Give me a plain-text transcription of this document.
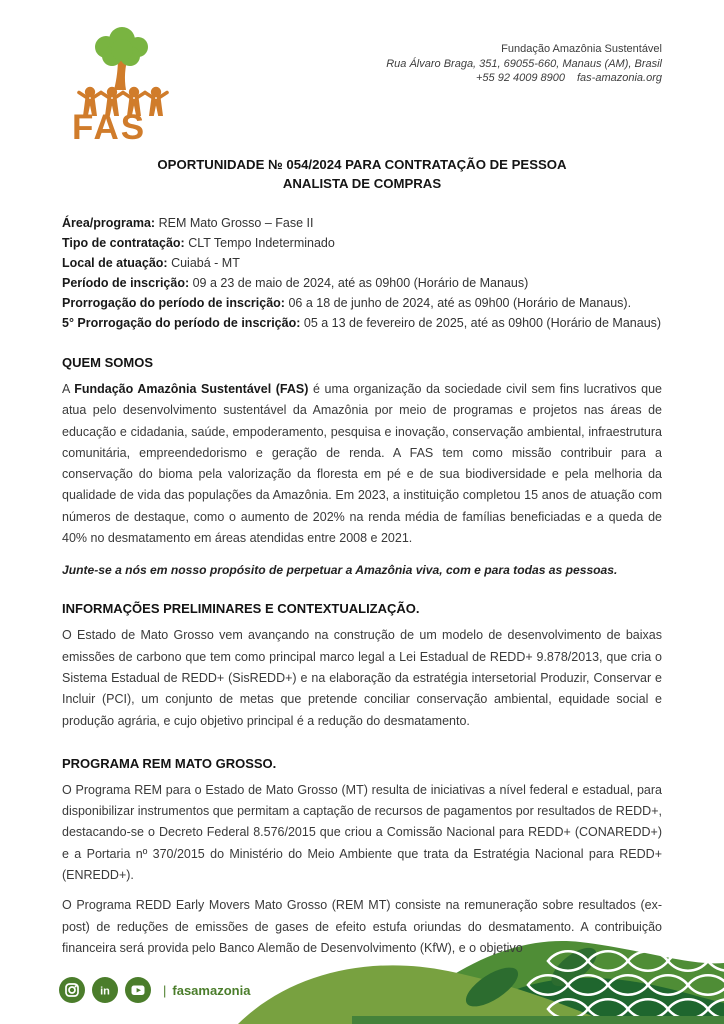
FAS
Fundação Amazônia Sustentável
Rua Álvaro Braga, 351, 69055-660, Manaus (AM), Brasil
+55 92 4009 8900 fas-amazonia.org
OPORTUNIDADE № 054/2024 PARA CONTRATAÇÃO DE PESSOA
ANALISTA DE COMPRAS

Área/programa: REM Mato Grosso – Fase II

Tipo de contratação: CLT Tempo Indeterminado

Local de atuação: Cuiabá - MT

Período de inscrição: 09 a 23 de maio de 2024, até as 09h00 (Horário de Manaus)

Prorrogação do período de inscrição: 06 a 18 de junho de 2024, até as 09h00 (Horário de Manaus).

5° Prorrogação do período de inscrição: 05 a 13 de fevereiro de 2025, até as 09h00 (Horário de Manaus)

QUEM SOMOS

A Fundação Amazônia Sustentável (FAS) é uma organização da sociedade civil sem fins lucrativos que atua pelo desenvolvimento sustentável da Amazônia por meio de programas e projetos nas áreas de educação e cidadania, saúde, empoderamento, pesquisa e inovação, conservação ambiental, infraestrutura comunitária, empreendedorismo e geração de renda. A FAS tem como missão contribuir para a conservação do bioma pela valorização da floresta em pé e de sua biodiversidade e pela melhoria da qualidade de vida das populações da Amazônia. Em 2023, a instituição completou 15 anos de atuação com números de destaque, como o aumento de 202% na renda média de famílias beneficiadas e a queda de 40% no desmatamento em áreas atendidas entre 2008 e 2021.

Junte-se a nós em nosso propósito de perpetuar a Amazônia viva, com e para todas as pessoas.

INFORMAÇÕES PRELIMINARES E CONTEXTUALIZAÇÃO.

O Estado de Mato Grosso vem avançando na construção de um modelo de desenvolvimento de baixas emissões de carbono que tem como principal marco legal a Lei Estadual de REDD+ 9.878/2013, que cria o Sistema Estadual de REDD+ (SisREDD+) e na elaboração da estratégia intersetorial Produzir, Conservar e Incluir (PCI), um conjunto de metas que pretende conciliar conservação ambiental, equidade social e produção agrária, e cujo objetivo principal é a redução do desmatamento.

PROGRAMA REM MATO GROSSO.

O Programa REM para o Estado de Mato Grosso (MT) resulta de iniciativas a nível federal e estadual, para disponibilizar instrumentos que permitam a captação de recursos de pagamentos por resultados de REDD+, destacando-se o Decreto Federal 8.576/2015 que criou a Comissão Nacional para REDD+ (CONAREDD+) e a Portaria nº 370/2015 do Ministério do Meio Ambiente que trata da Estratégia Nacional para REDD+ (ENREDD+).

O Programa REDD Early Movers Mato Grosso (REM MT) consiste na remuneração sobre resultados (ex-post) de reduções de emissões de gases de efeito estufa oriundas do desmatamento. A contribuição financeira será provida pelo Banco Alemão de Desenvolvimento (KfW), e o objetivo

in	| fasamazonia
